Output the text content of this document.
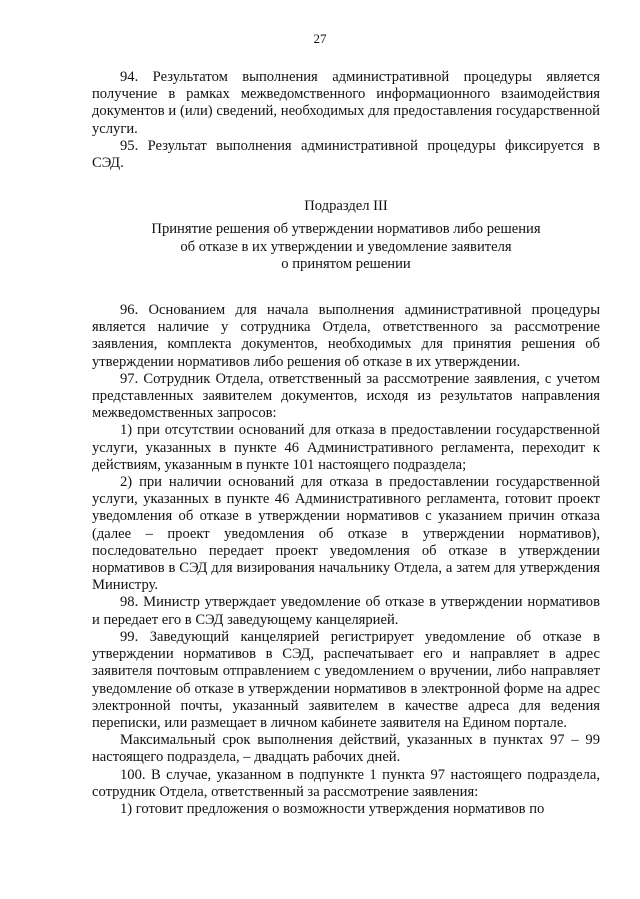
27

94. Результатом выполнения административной процедуры является получение в рамках межведомственного информационного взаимодействия документов и (или) сведений, необходимых для предоставления государственной услуги.

95. Результат выполнения административной процедуры фиксируется в СЭД.

Подраздел III
Принятие решения об утверждении нормативов либо решения
об отказе в их утверждении и уведомление заявителя
о принятом решении

96. Основанием для начала выполнения административной процедуры является наличие у сотрудника Отдела, ответственного за рассмотрение заявления, комплекта документов, необходимых для принятия решения об утверждении нормативов либо решения об отказе в их утверждении.

97. Сотрудник Отдела, ответственный за рассмотрение заявления, с учетом представленных заявителем документов, исходя из результатов направления межведомственных запросов:

1) при отсутствии оснований для отказа в предоставлении государственной услуги, указанных в пункте 46 Административного регламента, переходит к действиям, указанным в пункте 101 настоящего подраздела;

2) при наличии оснований для отказа в предоставлении государственной услуги, указанных в пункте 46 Административного регламента, готовит проект уведомления об отказе в утверждении нормативов с указанием причин отказа (далее – проект уведомления об отказе в утверждении нормативов), последовательно передает проект уведомления об отказе в утверждении нормативов в СЭД для визирования начальнику Отдела, а затем для утверждения Министру.

98. Министр утверждает уведомление об отказе в утверждении нормативов и передает его в СЭД заведующему канцелярией.

99. Заведующий канцелярией регистрирует уведомление об отказе в утверждении нормативов в СЭД, распечатывает его и направляет в адрес заявителя почтовым отправлением с уведомлением о вручении, либо направляет уведомление об отказе в утверждении нормативов в электронной форме на адрес электронной почты, указанный заявителем в качестве адреса для ведения переписки, или размещает в личном кабинете заявителя на Едином портале.

Максимальный срок выполнения действий, указанных в пунктах 97 – 99 настоящего подраздела, – двадцать рабочих дней.

100. В случае, указанном в подпункте 1 пункта 97 настоящего подраздела, сотрудник Отдела, ответственный за рассмотрение заявления:

1) готовит предложения о возможности утверждения нормативов по
